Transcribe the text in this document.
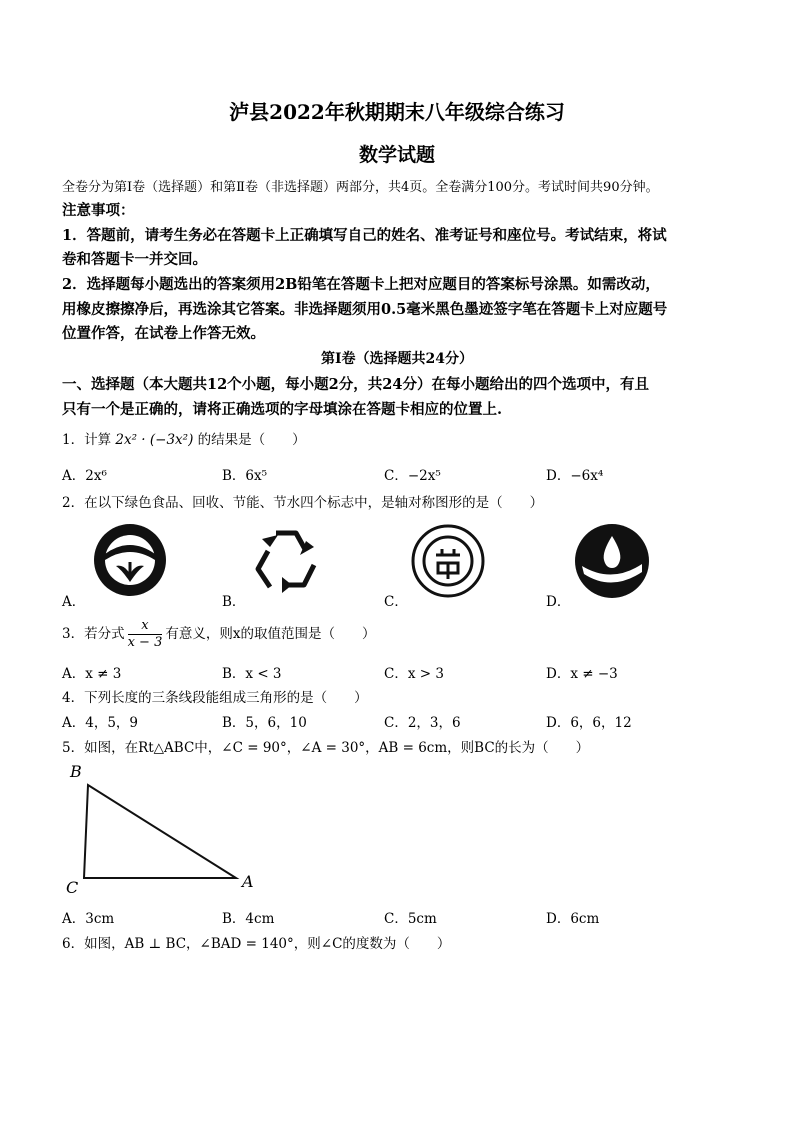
泸县2022年秋期期末八年级综合练习
数学试题
全卷分为第Ⅰ卷（选择题）和第Ⅱ卷（非选择题）两部分，共4页。全卷满分100分。考试时间共90分钟。
注意事项：
1．答题前，请考生务必在答题卡上正确填写自己的姓名、准考证号和座位号。考试结束，将试
卷和答题卡一并交回。
2．选择题每小题选出的答案须用2B铅笔在答题卡上把对应题目的答案标号涂黑。如需改动，
用橡皮擦擦净后，再选涂其它答案。非选择题须用0.5毫米黑色墨迹签字笔在答题卡上对应题号
位置作答，在试卷上作答无效。
第Ⅰ卷（选择题共24分）
一、选择题（本大题共12个小题，每小题2分，共24分）在每小题给出的四个选项中，有且
只有一个是正确的，请将正确选项的字母填涂在答题卡相应的位置上.
1．计算 2x² · (−3x²) 的结果是（　　）
A．2x⁶	B．6x⁵	C．−2x⁵	D．−6x⁴
2．在以下绿色食品、回收、节能、节水四个标志中，是轴对称图形的是（　　）
A．	B．	C．	D．
3．若分式 $\frac{x}{x - 3}$ 有意义，则x的取值范围是（　　）
A．x ≠ 3	B．x < 3	C．x > 3	D．x ≠ −3
4．下列长度的三条线段能组成三角形的是（　　）
A．4，5，9	B．5，6，10	C．2，3，6	D．6，6，12
5．如图，在Rt△ABC中，∠C = 90°，∠A = 30°，AB = 6cm，则BC的长为（　　）
B
C	A
A．3cm	B．4cm	C．5cm	D．6cm
6．如图，AB ⊥ BC，∠BAD = 140°，则∠C的度数为（　　）
